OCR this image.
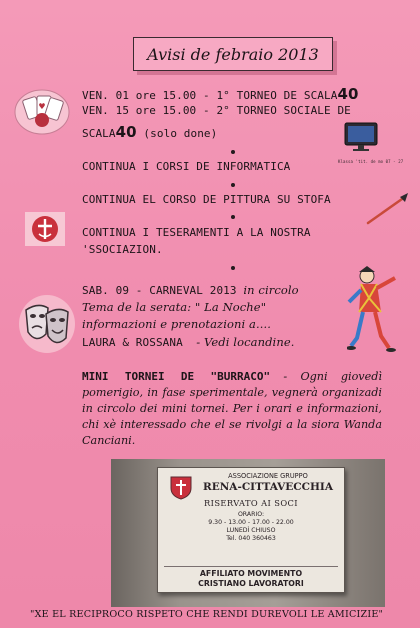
Avisi de febraio 2013
♥
VEN. 01 ore 15.00 - 1° TORNEO DE SCALA40
VEN. 15 ore 15.00 - 2° TORNEO SOCIALE DE
SCALA40 (solo done)
Klassa 'tit. de mo 07 - 27
CONTINUA I CORSI DE INFORMATICA
CONTINUA EL CORSO DE PITTURA SU STOFA
CONTINUA I TESERAMENTI A LA NOSTRA
'SSOCIAZION.
SAB. 09 - CARNEVAL 2013 in circolo
Tema de la serata: " La Noche"
informazioni e prenotazioni a....
LAURA & ROSSANA - Vedi locandine.
MINI TORNEI DE "BURRACO" - Ogni giovedì pomerigio, in fase sperimentale, vegnerà organizadi in circolo dei mini tornei. Per i orari e informazioni, chi xè interessado che el se rivolgi a la siora Wanda Canciani.
ASSOCIAZIONE GRUPPO
RENA-CITTAVECCHIA
RISERVATO AI SOCI
ORARIO:
9.30 - 13.00 - 17.00 - 22.00
LUNEDÌ CHIUSO
Tel. 040 360463
AFFILIATO MOVIMENTO
CRISTIANO LAVORATORI
"XE EL RECIPROCO RISPETO CHE RENDI DUREVOLI LE AMICIZIE"
